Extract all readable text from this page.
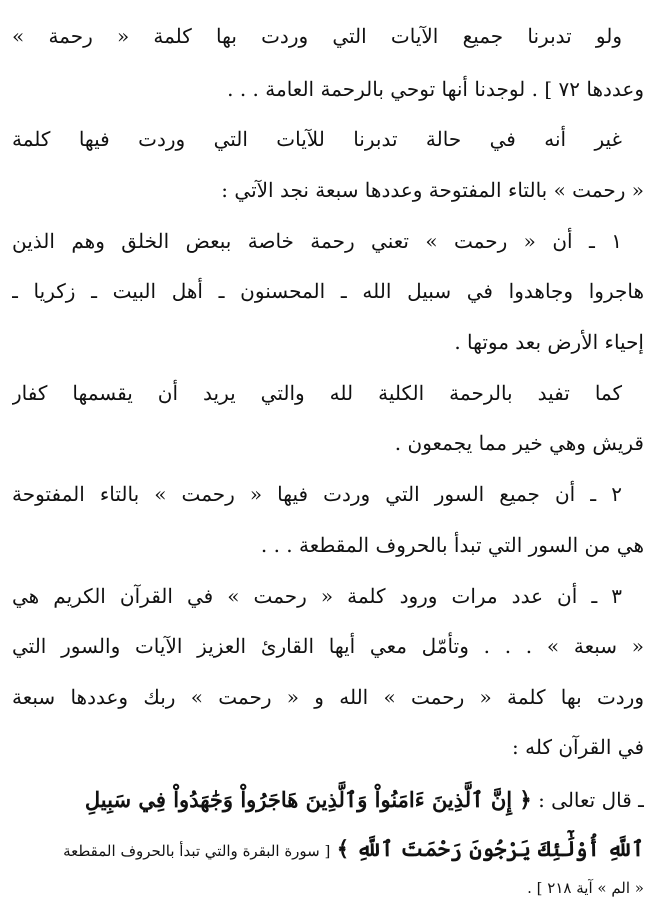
ولو تدبرنا جميع الآيات التي وردت بها كلمة « رحمة »
وعددها ٧٢ ] . لوجدنا أنها توحي بالرحمة العامة . . .
غير أنه في حالة تدبرنا للآيات التي وردت فيها كلمة
« رحمت » بالتاء المفتوحة وعددها سبعة نجد الآتي :
١ ـ أن « رحمت » تعني رحمة خاصة ببعض الخلق وهم الذين
هاجروا وجاهدوا في سبيل الله ـ المحسنون ـ أهل البيت ـ زكريا ـ
إحياء الأرض بعد موتها .
كما تفيد بالرحمة الكلية لله والتي يريد أن يقسمها كفار
قريش وهي خير مما يجمعون .
٢ ـ أن جميع السور التي وردت فيها « رحمت » بالتاء المفتوحة
هي من السور التي تبدأ بالحروف المقطعة . . .
٣ ـ أن عدد مرات ورود كلمة « رحمت » في القرآن الكريم هي
« سبعة » . . . وتأمّل معي أيها القارئ العزيز الآيات والسور التي
وردت بها كلمة « رحمت » الله و « رحمت » ربك وعددها سبعة
في القرآن كله :
ـ قال تعالى : ﴿ إِنَّ ٱلَّذِينَ ءَامَنُواْ وَٱلَّذِينَ هَاجَرُواْ وَجَٰهَدُواْ فِي سَبِيلِ
ٱللَّهِ أُوْلَٰٓئِكَ يَرْجُونَ رَحْمَتَ ٱللَّهِ ﴾ [ سورة البقرة والتي تبدأ بالحروف المقطعة
« الم » آية ٢١٨ ] .
